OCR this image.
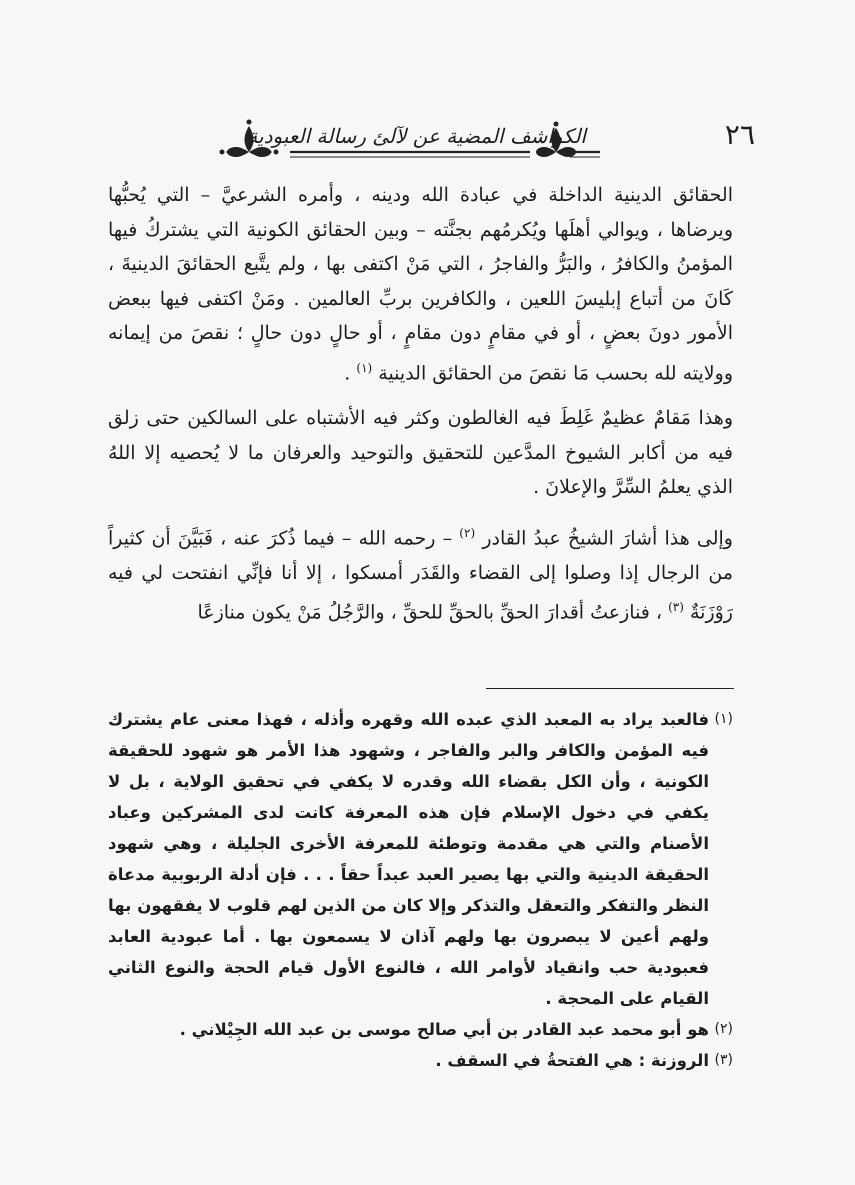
الكواشف المضية عن لآلئ رسالة العبودية	٢٦

الحقائق الدينية الداخلة في عبادة الله ودينه ، وأمره الشرعيَّ – التي يُحبُّها ويرضاها ، ويوالي أهلَها ويُكرمُهم بجنَّته – وبين الحقائق الكونية التي يشتركُ فيها المؤمنُ والكافرُ ، والبَرُّ والفاجرُ ، التي مَنْ اكتفى بها ، ولم يتَّبع الحقائقَ الدينيةَ ، كَانَ من أتباع إبليسَ اللعين ، والكافرين بربِّ العالمين . ومَنْ اكتفى فيها ببعض الأمور دونَ بعضٍ ، أو في مقامٍ دون مقامٍ ، أو حالٍ دون حالٍ ؛ نقصَ من إيمانه وولايته لله بحسب مَا نقصَ من الحقائق الدينية $^{(١)}$ .

وهذا مَقامٌ عظيمٌ غَلِطَ فيه الغالطون وكثر فيه الأشتباه على السالكين حتى زلق فيه من أكابر الشيوخ المدَّعين للتحقيق والتوحيد والعرفان ما لا يُحصيه إلا اللهُ الذي يعلمُ السِّرَّ والإعلانَ .

وإلى هذا أشارَ الشيخُ عبدُ القادر $^{(٢)}$ – رحمه الله – فيما ذُكرَ عنه ، فَبَيَّنَ أن كثيراً من الرجال إذا وصلوا إلى القضاء والقَدَر أمسكوا ، إلا أنا فإنِّي انفتحت لي فيه رَوْزَنَةٌ $^{(٣)}$ ، فنازعتُ أقدارَ الحقِّ بالحقِّ للحقِّ ، والرَّجُلُ مَنْ يكون منازعًا

(١)
فالعبد يراد به المعبد الذي عبده الله وقهره وأذله ، فهذا معنى عام يشترك فيه المؤمن والكافر والبر والفاجر ، وشهود هذا الأمر هو شهود للحقيقة الكونية ، وأن الكل بقضاء الله وقدره لا يكفي في تحقيق الولاية ، بل لا يكفي في دخول الإسلام فإن هذه المعرفة كانت لدى المشركين وعباد الأصنام والتي هي مقدمة وتوطئة للمعرفة الأخرى الجليلة ، وهي شهود الحقيقة الدينية والتي بها يصير العبد عبداً حقاً . . . فإن أدلة الربوبية مدعاة النظر والتفكر والتعقل والتذكر وإلا كان من الذين لهم قلوب لا يفقهون بها ولهم أعين لا يبصرون بها ولهم آذان لا يسمعون بها . أما عبودية العابد فعبودية حب وانقياد لأوامر الله ، فالنوع الأول قيام الحجة والنوع الثاني القيام على المحجة .

(٢)
هو أبو محمد عبد القادر بن أبي صالح موسى بن عبد الله الجِيْلاني .

(٣)
الروزنة : هي الفتحةُ في السقف .
